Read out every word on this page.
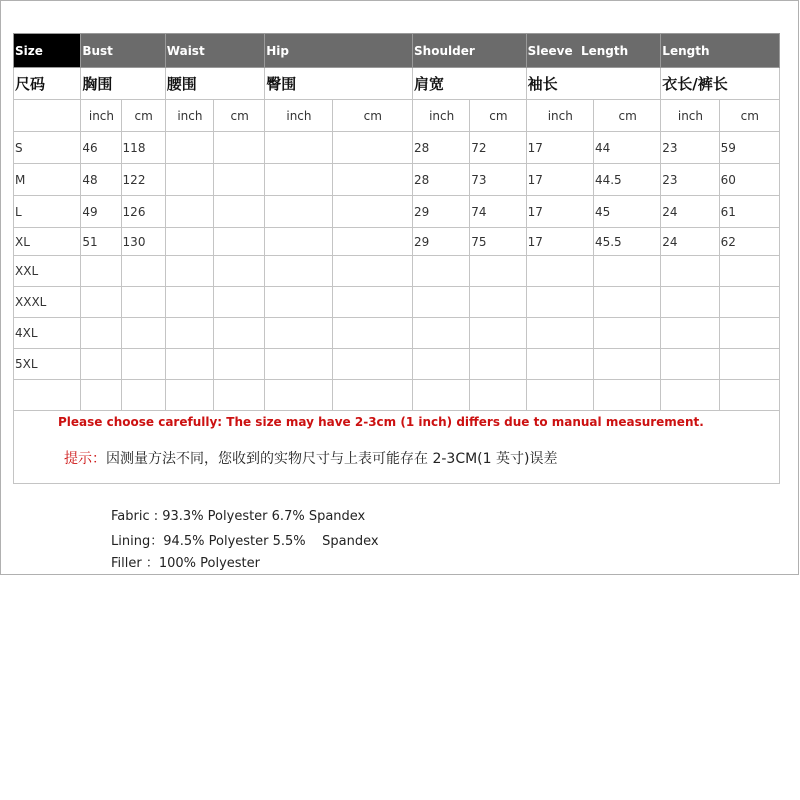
Size	Bust		Waist		Hip		Shoulder		Sleeve  Length		Length	
尺码	胸围		腰围		臀围		肩宽		袖长		衣长/裤长	
	inch	cm	inch	cm	inch	cm	inch	cm	inch	cm	inch	cm
S	46	118					28	72	17	44	23	59
M	48	122					28	73	17	44.5	23	60
L	49	126					29	74	17	45	24	61
XL	51	130					29	75	17	45.5	24	62
XXL												
XXXL												
4XL												
5XL												

Please choose carefully: The size may have 2-3cm (1 inch) differs due to manual measurement.
提示：因测量方法不同，您收到的实物尺寸与上表可能存在 2-3CM(1 英寸)误差
Fabric : 93.3% Polyester 6.7% Spandex
Lining：94.5% Polyester 5.5%    Spandex
Filler ：100% Polyester
